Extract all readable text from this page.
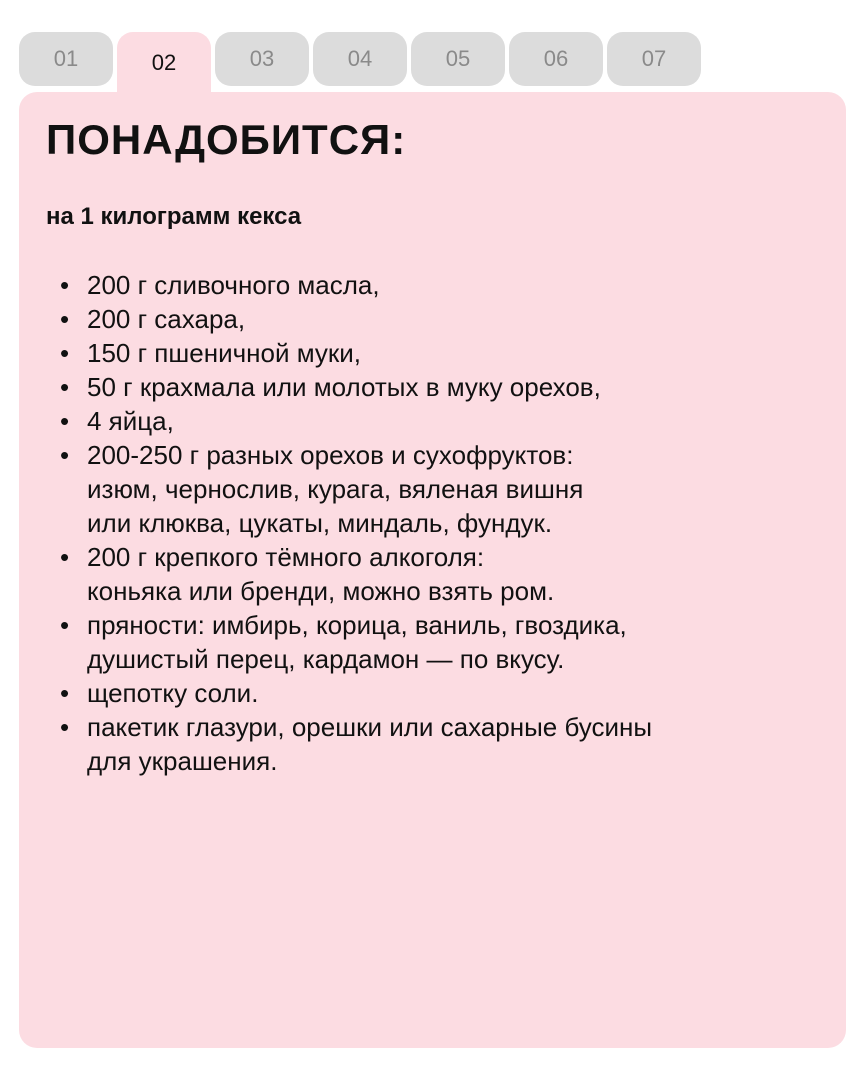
01	02	03	04	05	06	07
ПОНАДОБИТСЯ:
на 1 килограмм кекса
• 200 г сливочного масла,
• 200 г сахара,
• 150 г пшеничной муки,
• 50 г крахмала или молотых в муку орехов,
• 4 яйца,
• 200-250 г разных орехов и сухофруктов:
изюм, чернослив, курага, вяленая вишня
или клюква, цукаты, миндаль, фундук.
• 200 г крепкого тёмного алкоголя:
коньяка или бренди, можно взять ром.
• пряности: имбирь, корица, ваниль, гвоздика,
душистый перец, кардамон — по вкусу.
• щепотку соли.
• пакетик глазури, орешки или сахарные бусины
для украшения.
